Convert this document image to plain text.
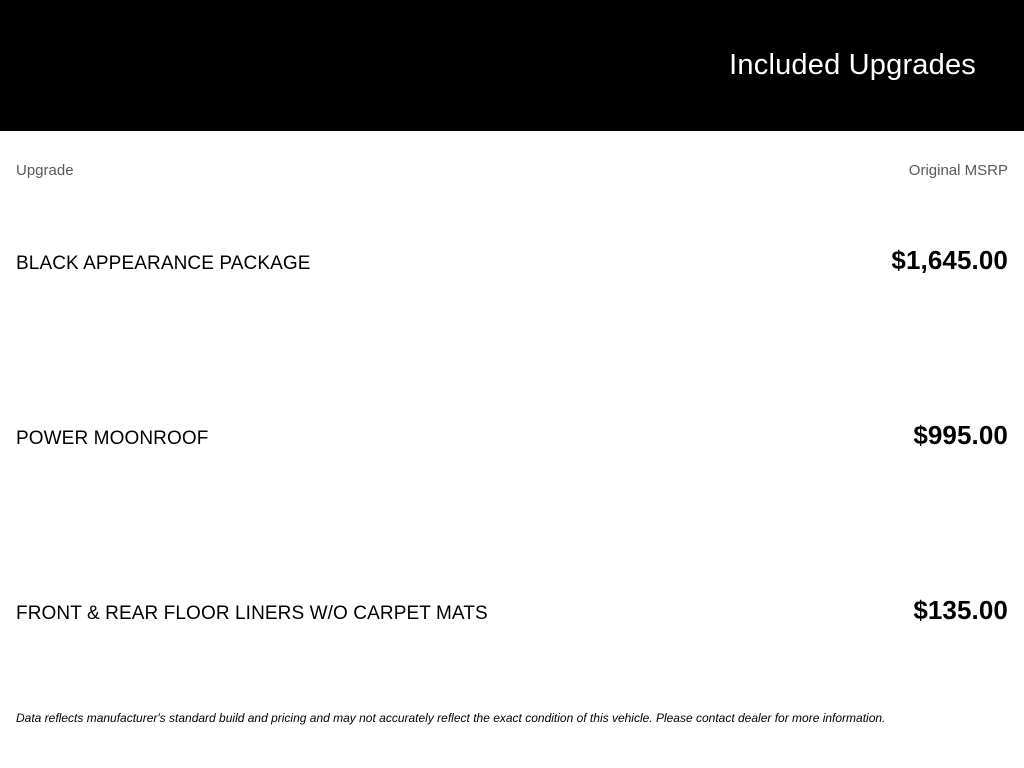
Included Upgrades
Upgrade	Original MSRP
BLACK APPEARANCE PACKAGE	$1,645.00
POWER MOONROOF	$995.00
FRONT & REAR FLOOR LINERS W/O CARPET MATS	$135.00
Data reflects manufacturer's standard build and pricing and may not accurately reflect the exact condition of this vehicle. Please contact dealer for more information.
